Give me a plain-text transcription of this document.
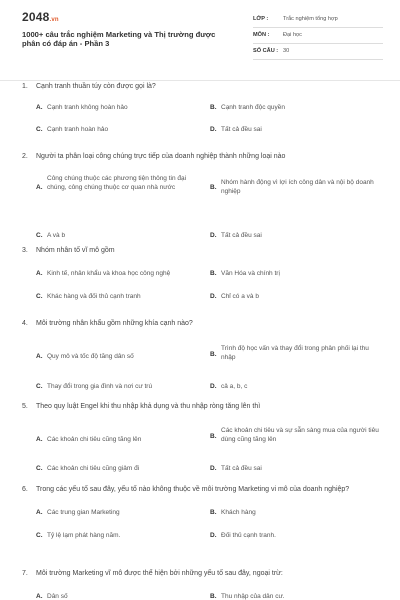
2048.vn
1000+ câu trắc nghiệm Marketing và Thị trường được phân có đáp án - Phần 3
LỚP :	Trắc nghiệm tổng hợp
MÔN : Đại học
SỐ CÂU : 30
1. Cạnh tranh thuần túy còn được gọi là?
A. Cạnh tranh không hoàn hảo	B. Cạnh tranh độc quyền
C. Cạnh tranh hoàn hảo	D. Tất cả đều sai
2. Người ta phân loại công chúng trực tiếp của doanh nghiệp thành những loại nào
A.
Công chúng thuộc các phương tiện thông tin đại chúng, công chúng thuộc cơ quan nhà nước	B.
Nhóm hành động vì lợi ích công dân và nội bộ doanh nghiệp
C. A và b	D. Tất cả đều sai
3. Nhóm nhân tố vĩ mô gồm
A. Kinh tế, nhân khẩu và khoa học công nghệ	B. Văn Hóa và chính trị
C. Khác hàng và đối thủ cạnh tranh	D. Chỉ có a và b
4. Môi trường nhân khẩu gồm những khía cạnh nào?
A. Quy mô và tốc độ tăng dân số	B.
Trình độ học vấn và thay đổi trong phân phối lại thu nhập
C. Thay đổi trong gia đình và nơi cư trú	D. cả a, b, c
5. Theo quy luật Engel khi thu nhập khả dụng và thu nhập ròng tăng lên thì
A. Các khoản chi tiêu cũng tăng lên	B.
Các khoản chi tiêu và sự sẵn sàng mua của người tiêu dùng cũng tăng lên
C. Các khoản chi tiêu cũng giảm đi	D. Tất cả đều sai
6. Trong các yếu tố sau đây, yếu tố nào không thuộc về môi trường Marketing vi mô của doanh nghiệp?
A. Các trung gian Marketing	B. Khách hàng
C. Tỷ lệ lạm phát hàng năm.	D. Đối thủ cạnh tranh.
7. Môi trường Marketing vĩ mô được thể hiện bởi những yếu tố sau đây, ngoại trừ:
A. Dân số	B. Thu nhập của dân cư.
